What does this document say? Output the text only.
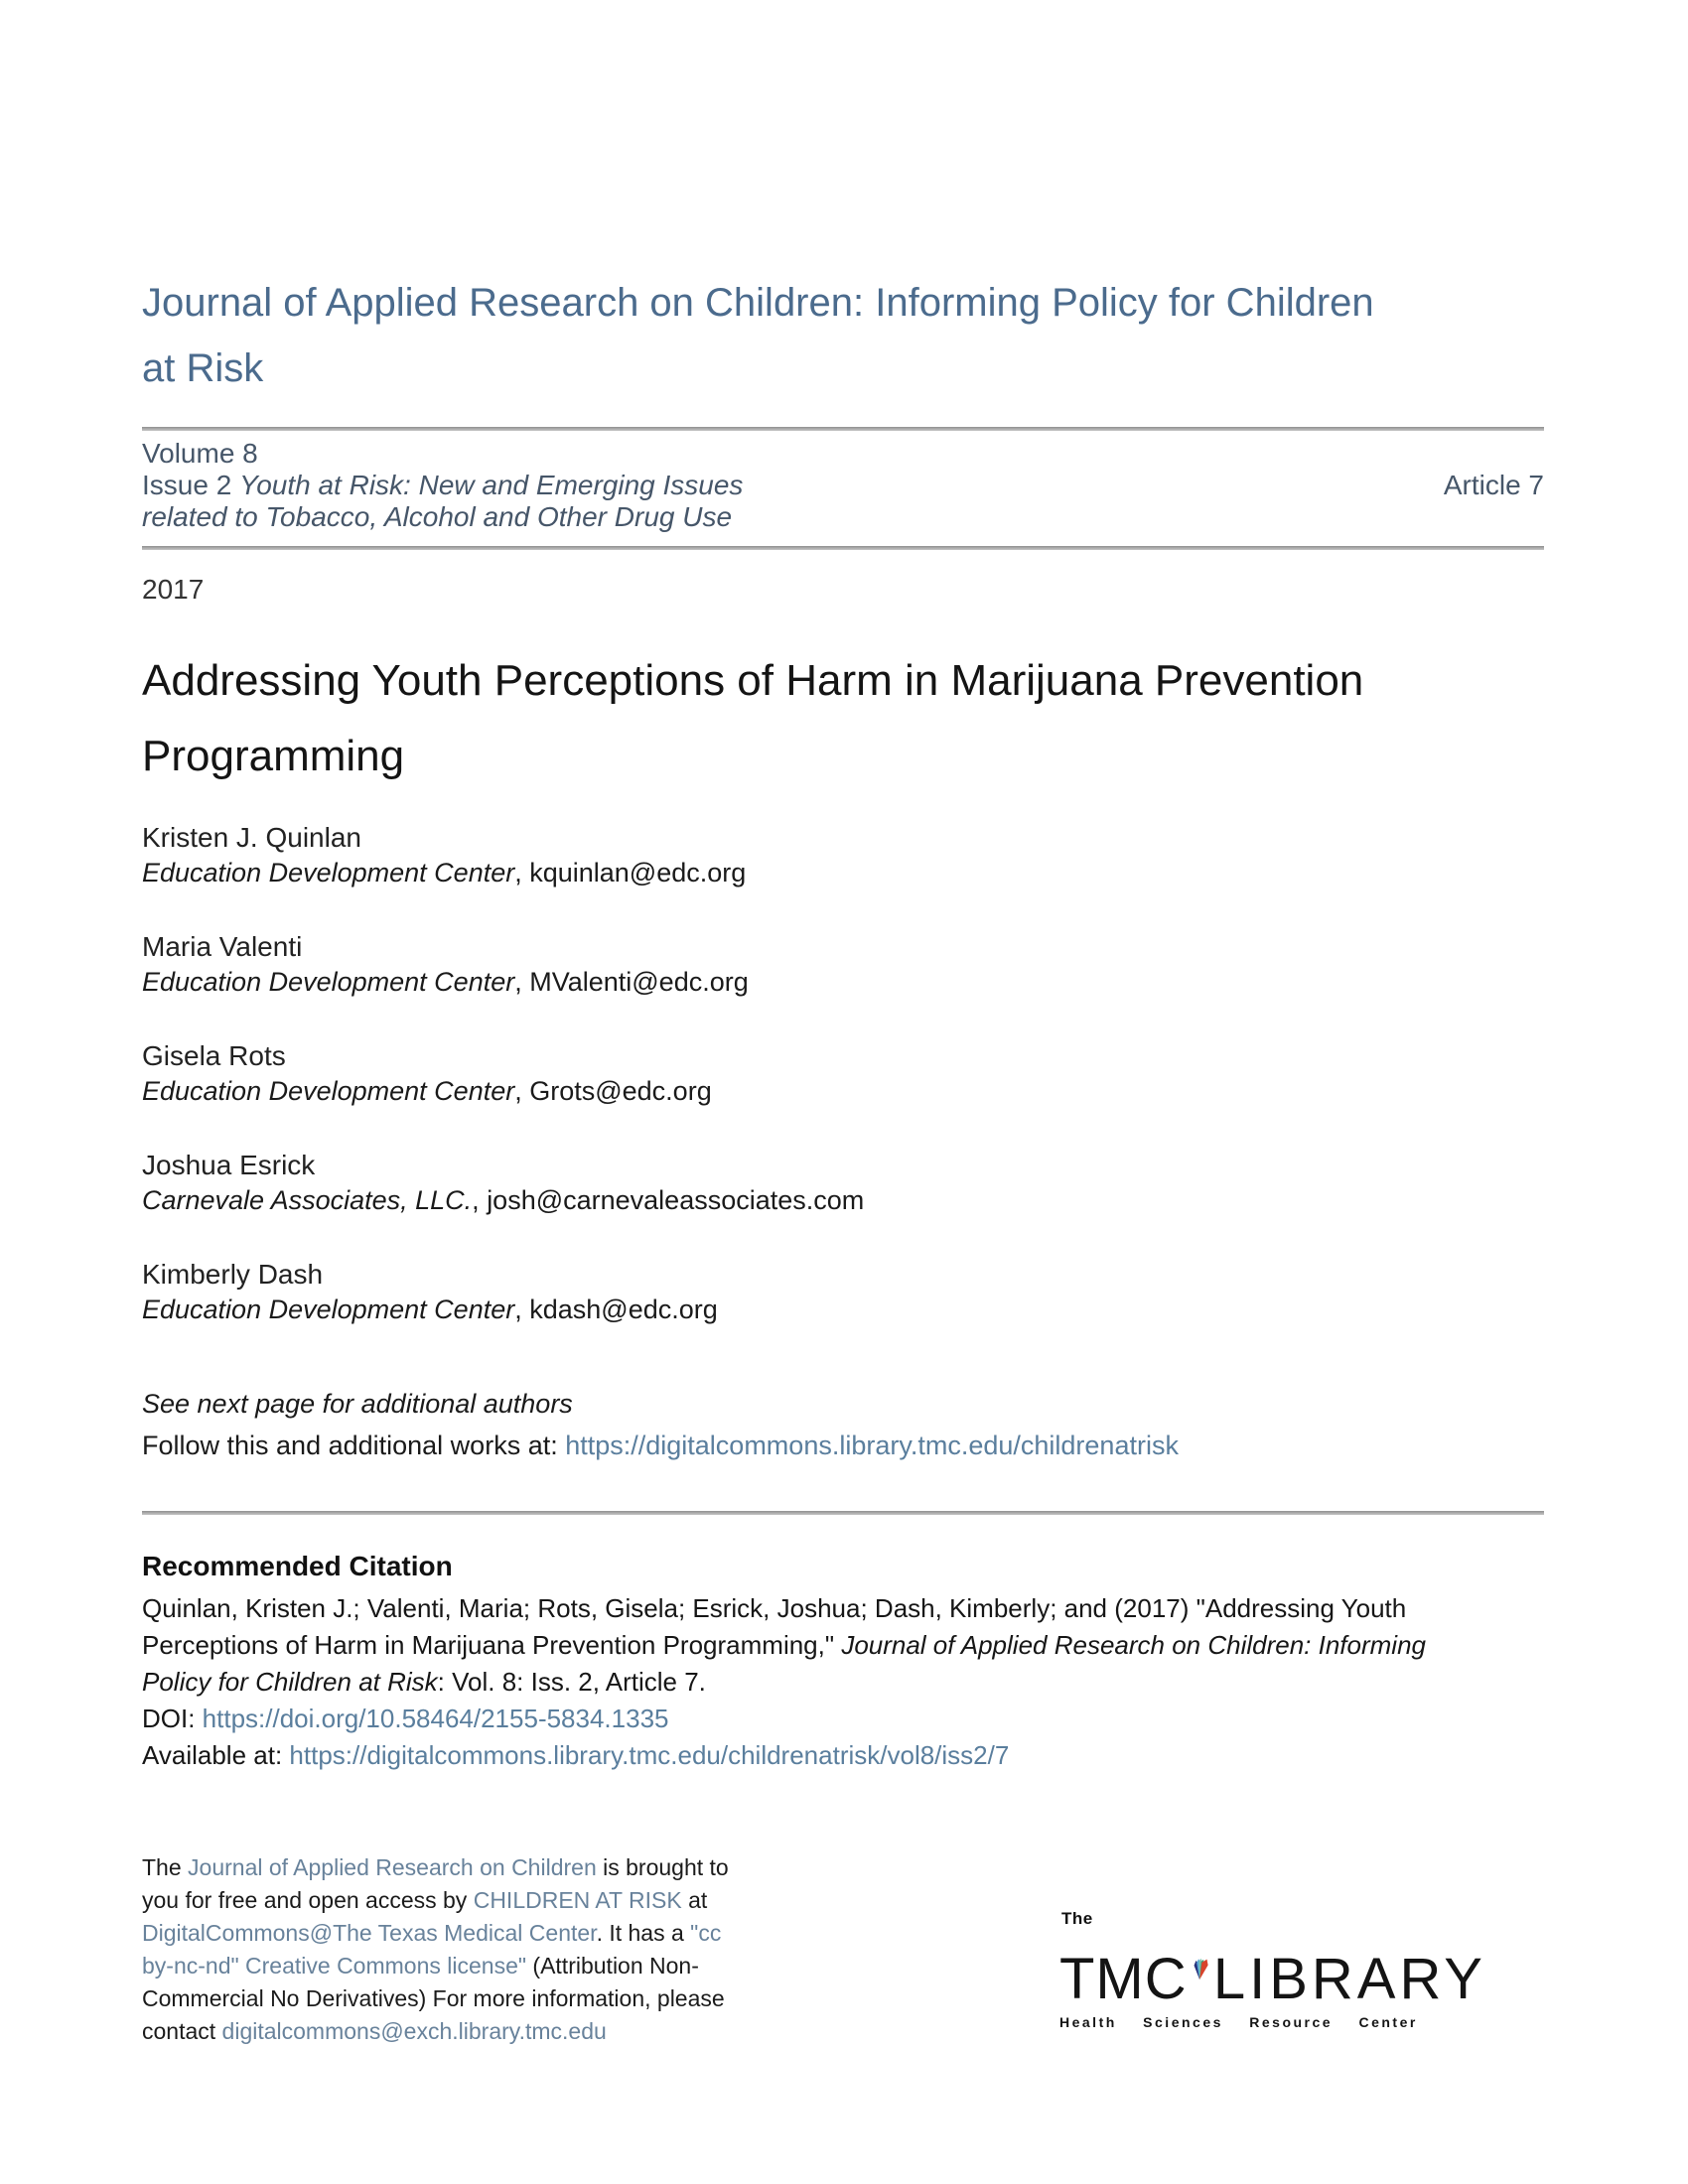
Journal of Applied Research on Children: Informing Policy for Children at Risk
Volume 8
Issue 2 Youth at Risk: New and Emerging Issues related to Tobacco, Alcohol and Other Drug Use
Article 7
2017
Addressing Youth Perceptions of Harm in Marijuana Prevention Programming
Kristen J. Quinlan
Education Development Center, kquinlan@edc.org
Maria Valenti
Education Development Center, MValenti@edc.org
Gisela Rots
Education Development Center, Grots@edc.org
Joshua Esrick
Carnevale Associates, LLC., josh@carnevaleassociates.com
Kimberly Dash
Education Development Center, kdash@edc.org
See next page for additional authors
Follow this and additional works at: https://digitalcommons.library.tmc.edu/childrenatrisk
Recommended Citation
Quinlan, Kristen J.; Valenti, Maria; Rots, Gisela; Esrick, Joshua; Dash, Kimberly; and (2017) "Addressing Youth Perceptions of Harm in Marijuana Prevention Programming," Journal of Applied Research on Children: Informing Policy for Children at Risk: Vol. 8: Iss. 2, Article 7.
DOI: https://doi.org/10.58464/2155-5834.1335
Available at: https://digitalcommons.library.tmc.edu/childrenatrisk/vol8/iss2/7
The Journal of Applied Research on Children is brought to you for free and open access by CHILDREN AT RISK at DigitalCommons@The Texas Medical Center. It has a "cc by-nc-nd" Creative Commons license" (Attribution Non-Commercial No Derivatives) For more information, please contact digitalcommons@exch.library.tmc.edu
The
TMC LIBRARY
Health Sciences Resource Center
